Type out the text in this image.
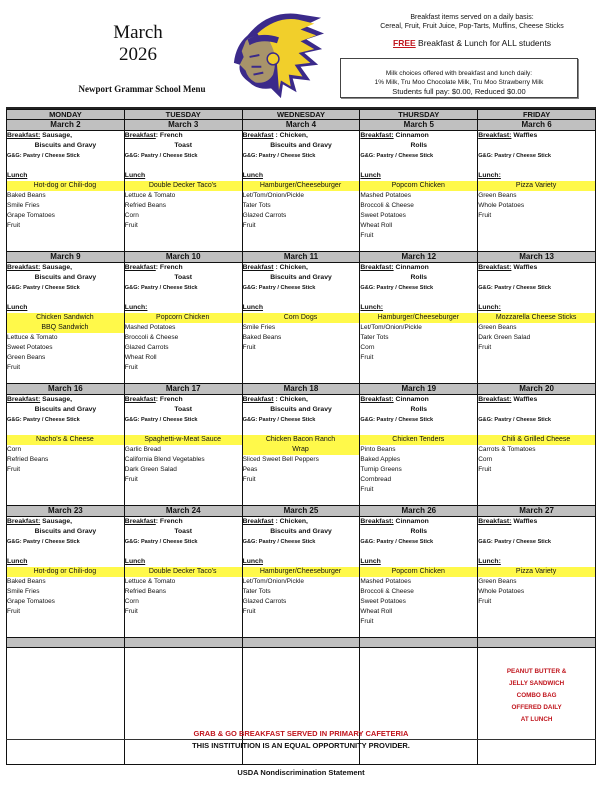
March
2026
Newport Grammar School Menu
Breakfast items served on a daily basis:
Cereal, Fruit, Fruit Juice, Pop-Tarts, Muffins, Cheese Sticks
FREE Breakfast & Lunch for ALL students
Milk choices offered with breakfast and lunch daily:
1% Milk, Tru Moo Chocolate Milk, Tru Moo Strawberry Milk
Students full pay: $0.00, Reduced $0.00
MONDAY	TUESDAY	WEDNESDAY	THURSDAY	FRIDAY
March 2	March 3	March 4	March 5	March 6

Breakfast: Sausage,
Biscuits and Gravy
G&G: Pastry / Cheese Stick
Lunch
Hot-dog or Chili-dog
Baked Beans
Smile Fries
Grape Tomatoes
Fruit

Breakfast: French
Toast
G&G: Pastry / Cheese Stick
Lunch
Double Decker Taco's
Lettuce & Tomato
Refried Beans
Corn
Fruit

Breakfast : Chicken,
Biscuits and Gravy
G&G: Pastry / Cheese Stick
Lunch
Hamburger/Cheeseburger
Let/Tom/Onion/Pickle
Tater Tots
Glazed Carrots
Fruit

Breakfast: Cinnamon
Rolls
G&G: Pastry / Cheese Stick
Lunch
Popcorn Chicken
Mashed Potatoes
Broccoli & Cheese
Sweet Potatoes
Wheat Roll
Fruit

Breakfast: Waffles
G&G: Pastry / Cheese Stick
Lunch:
Pizza Variety
Green Beans
Whole Potatoes
Fruit

March 9	March 10	March 11	March 12	March 13

Breakfast: Sausage,
Biscuits and Gravy
G&G: Pastry / Cheese Stick
Lunch
Chicken Sandwich
BBQ Sandwich
Lettuce & Tomato
Sweet Potatoes
Green Beans
Fruit

Breakfast: French
Toast
G&G: Pastry / Cheese Stick
Lunch:
Popcorn Chicken
Mashed Potatoes
Broccoli & Cheese
Glazed Carrots
Wheat Roll
Fruit

Breakfast : Chicken,
Biscuits and Gravy
G&G: Pastry / Cheese Stick
Lunch
Corn Dogs
Smile Fries
Baked Beans
Fruit

Breakfast: Cinnamon
Rolls
G&G: Pastry / Cheese Stick
Lunch:
Hamburger/Cheeseburger
Let/Tom/Onion/Pickle
Tater Tots
Corn
Fruit

Breakfast: Waffles
G&G: Pastry / Cheese Stick
Lunch:
Mozzarella Cheese Sticks
Green Beans
Dark Green Salad
Fruit

March 16	March 17	March 18	March 19	March 20

Breakfast: Sausage,
Biscuits and Gravy
G&G: Pastry / Cheese Stick
Nacho's & Cheese
Corn
Refried Beans
Fruit

Breakfast: French
Toast
G&G: Pastry / Cheese Stick
Spaghetti-w-Meat Sauce
Garlic Bread
California Blend Vegetables
Dark Green Salad
Fruit

Breakfast : Chicken,
Biscuits and Gravy
G&G: Pastry / Cheese Stick
Chicken Bacon Ranch
Wrap
Sliced Sweet Bell Peppers
Peas
Fruit

Breakfast: Cinnamon
Rolls
G&G: Pastry / Cheese Stick
Chicken Tenders
Pinto Beans
Baked Apples
Turnip Greens
Cornbread
Fruit

Breakfast: Waffles
G&G: Pastry / Cheese Stick
Chili & Grilled Cheese
Carrots & Tomatoes
Corn
Fruit

March 23	March 24	March 25	March 26	March 27

Breakfast: Sausage,
Biscuits and Gravy
G&G: Pastry / Cheese Stick
Lunch
Hot-dog or Chili-dog
Baked Beans
Smile Fries
Grape Tomatoes
Fruit

Breakfast: French
Toast
G&G: Pastry / Cheese Stick
Lunch
Double Decker Taco's
Lettuce & Tomato
Refried Beans
Corn
Fruit

Breakfast : Chicken,
Biscuits and Gravy
G&G: Pastry / Cheese Stick
Lunch
Hamburger/Cheeseburger
Let/Tom/Onion/Pickle
Tater Tots
Glazed Carrots
Fruit

Breakfast: Cinnamon
Rolls
G&G: Pastry / Cheese Stick
Lunch
Popcorn Chicken
Mashed Potatoes
Broccoli & Cheese
Sweet Potatoes
Wheat Roll
Fruit

Breakfast: Waffles
G&G: Pastry / Cheese Stick
Lunch:
Pizza Variety
Green Beans
Whole Potatoes
Fruit

				PEANUT BUTTER &
JELLY SANDWICH
COMBO BAG
OFFERED DAILY
AT LUNCH
GRAB & GO BREAKFAST SERVED IN PRIMARY CAFETERIA
THIS INSTITUITION IS AN EQUAL OPPORTUNITY PROVIDER.
USDA Nondiscrimination Statement
